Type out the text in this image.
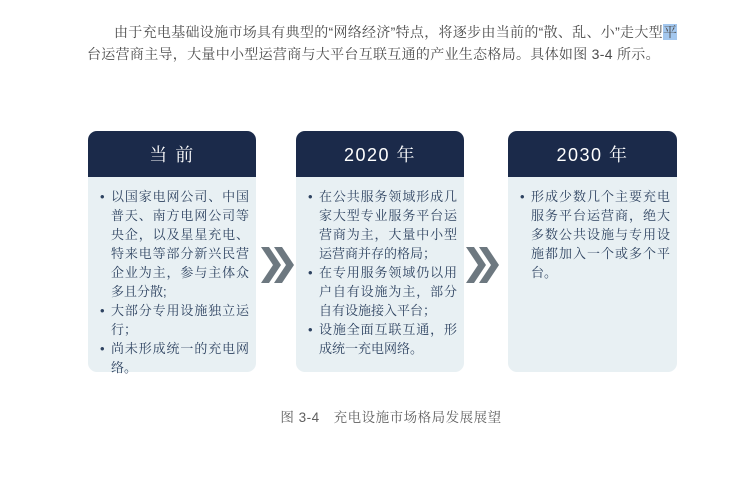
由于充电基础设施市场具有典型的“网络经济”特点，将逐步由当前的“散、乱、小”走大型平
台运营商主导，大量中小型运营商与大平台互联互通的产业生态格局。具体如图 3-4 所示。
当 前
• 以国家电网公司、中国普天、南方电网公司等央企，以及星星充电、特来电等部分新兴民营企业为主，参与主体众多且分散;
• 大部分专用设施独立运行；
• 尚未形成统一的充电网络。
2020 年
• 在公共服务领域形成几家大型专业服务平台运营商为主，大量中小型运营商并存的格局；
• 在专用服务领域仍以用户自有设施为主，部分自有设施接入平台；
• 设施全面互联互通，形成统一充电网络。
2030 年
• 形成少数几个主要充电服务平台运营商，绝大多数公共设施与专用设施都加入一个或多个平台。
图 3-4　充电设施市场格局发展展望
